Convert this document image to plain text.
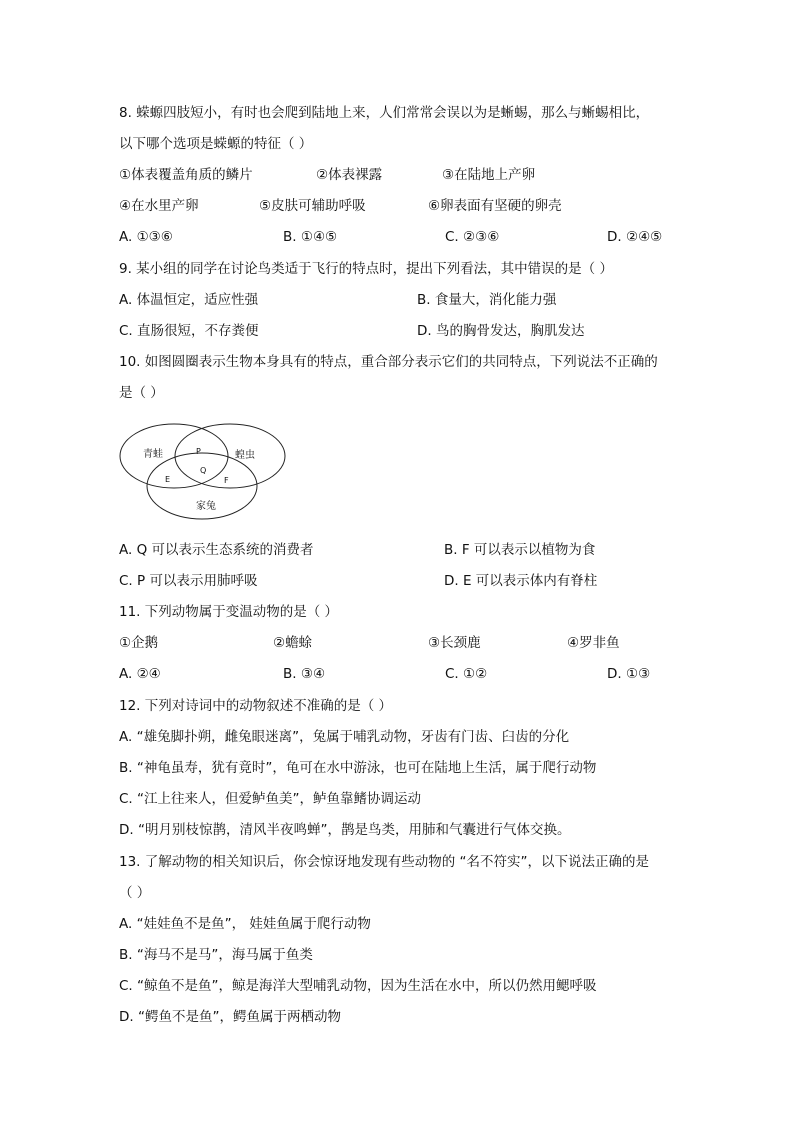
8. 蝾螈四肢短小，有时也会爬到陆地上来，人们常常会误以为是蜥蜴，那么与蜥蜴相比，
以下哪个选项是蝾螈的特征（ ）
①体表覆盖角质的鳞片	②体表裸露	③在陆地上产卵
④在水里产卵	⑤皮肤可辅助呼吸	⑥卵表面有坚硬的卵壳
A. ①③⑥	B. ①④⑤	C. ②③⑥	D. ②④⑤
9. 某小组的同学在讨论鸟类适于飞行的特点时，提出下列看法，其中错误的是（ ）
A. 体温恒定，适应性强	B. 食量大，消化能力强
C. 直肠很短，不存粪便	D. 鸟的胸骨发达，胸肌发达
10. 如图圆圈表示生物本身具有的特点，重合部分表示它们的共同特点，下列说法不正确的
是（ ）
青蛙	蝗虫
家兔
P
Q
E	F
A. Q 可以表示生态系统的消费者	B. F 可以表示以植物为食
C. P 可以表示用肺呼吸	D. E 可以表示体内有脊柱
11. 下列动物属于变温动物的是（ ）
①企鹅	②蟾蜍	③长颈鹿	④罗非鱼
A. ②④	B. ③④	C. ①②	D. ①③
12. 下列对诗词中的动物叙述不准确的是（ ）
A. “雄兔脚扑朔，雌兔眼迷离”，兔属于哺乳动物，牙齿有门齿、臼齿的分化
B. “神龟虽寿，犹有竟时”，龟可在水中游泳，也可在陆地上生活，属于爬行动物
C. “江上往来人，但爱鲈鱼美”，鲈鱼靠鳍协调运动
D. “明月别枝惊鹊，清风半夜鸣蝉”，鹊是鸟类，用肺和气囊进行气体交换。
13. 了解动物的相关知识后，你会惊讶地发现有些动物的 “名不符实”，以下说法正确的是
（ ）
A. “娃娃鱼不是鱼”， 娃娃鱼属于爬行动物
B. “海马不是马”，海马属于鱼类
C. “鲸鱼不是鱼”，鲸是海洋大型哺乳动物，因为生活在水中，所以仍然用鳃呼吸
D. “鳄鱼不是鱼”，鳄鱼属于两栖动物
